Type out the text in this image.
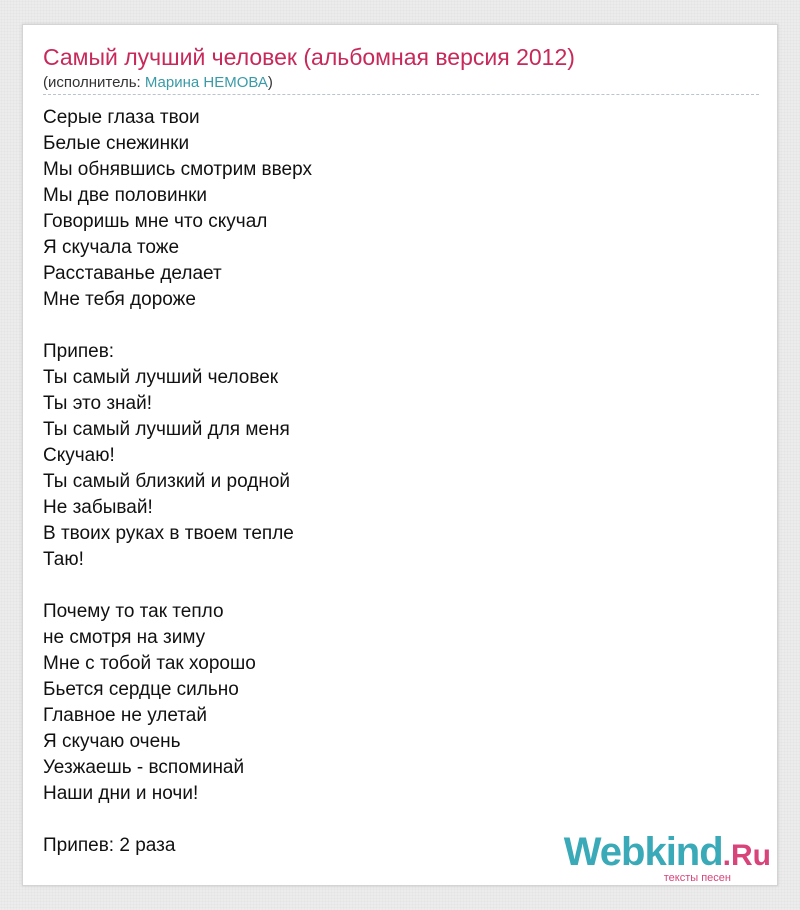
Самый лучший человек (альбомная версия 2012)
(исполнитель: Марина НЕМОВА)
Серые глаза твои
Белые снежинки
Мы обнявшись смотрим вверх
Мы две половинки
Говоришь мне что скучал
Я скучала тоже
Расставанье делает
Мне тебя дороже
Припев:
Ты самый лучший человек
Ты это знай!
Ты самый лучший для меня
Скучаю!
Ты самый близкий и родной
Не забывай!
В твоих руках в твоем тепле
Таю!
Почему то так тепло
не смотря на зиму
Мне с тобой так хорошо
Бьется сердце сильно
Главное не улетай
Я скучаю очень
Уезжаешь - вспоминай
Наши дни и ночи!
Припев: 2 раза	Webkind.Ru
тексты песен
